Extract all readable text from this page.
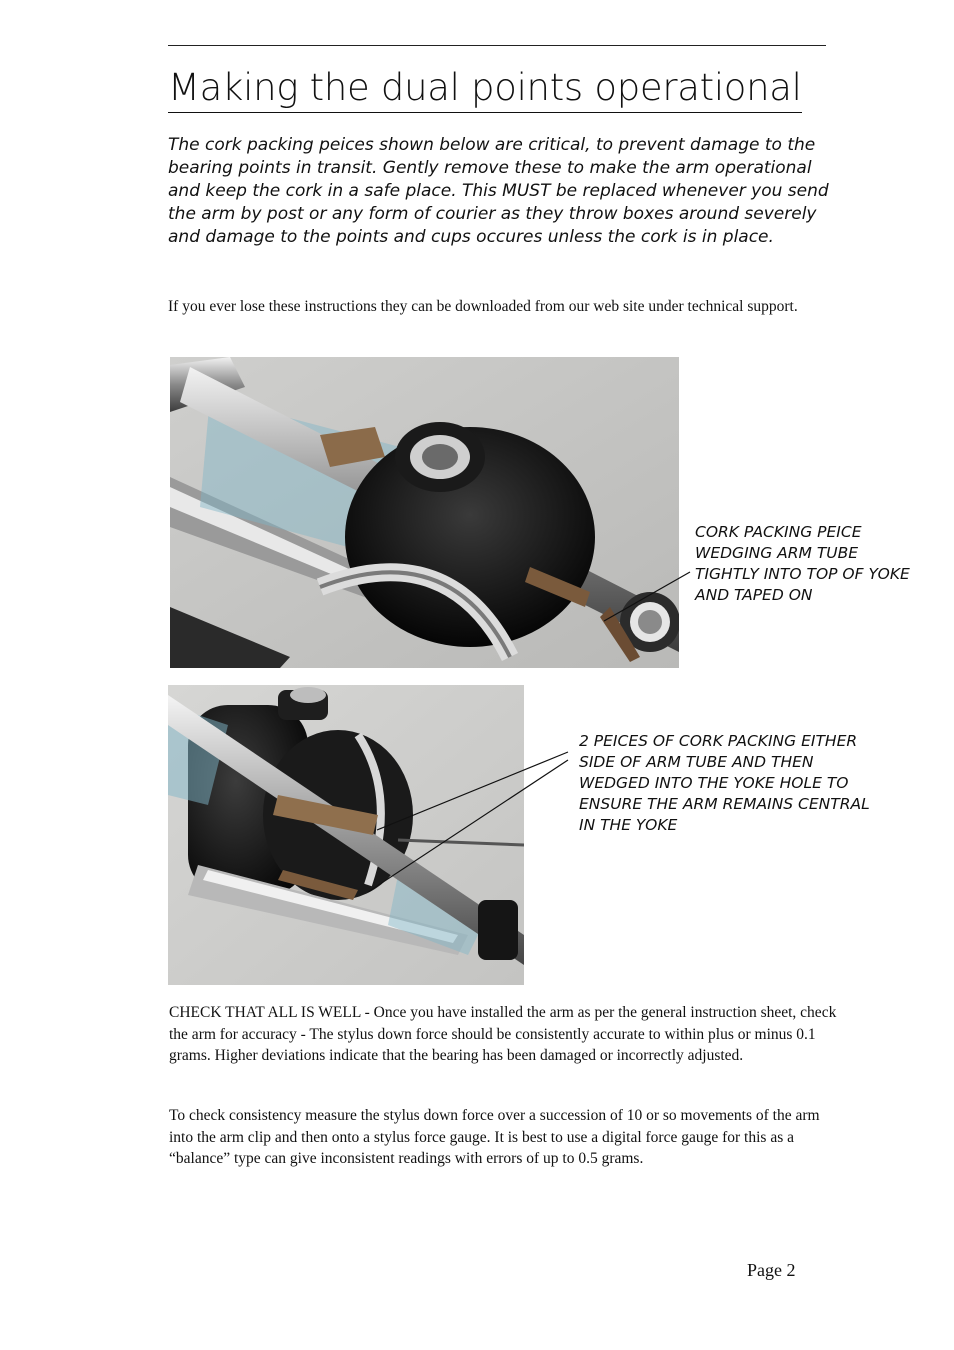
Making the dual points operational

The cork packing peices shown below are critical, to prevent damage to the bearing points in transit. Gently remove these to make the arm operational and keep the cork in a safe place. This MUST be replaced whenever you send the arm by post or any form of courier as they throw boxes around severely and damage to the points and cups occures unless the cork is in place.

If you ever lose these instructions they can be downloaded from our web site under technical support.

CORK PACKING PEICE
WEDGING ARM TUBE
TIGHTLY INTO TOP OF YOKE
AND TAPED ON
2 PEICES OF CORK PACKING EITHER
SIDE OF ARM TUBE AND THEN
WEDGED INTO THE YOKE HOLE TO
ENSURE THE ARM REMAINS CENTRAL
IN THE YOKE

CHECK THAT ALL IS WELL - Once you have installed the arm as per the general instruction sheet, check the arm for accuracy - The stylus down force should be consistently accurate to within plus or minus 0.1 grams. Higher deviations indicate that the bearing has been damaged or incorrectly adjusted.

To check consistency measure the stylus down force over a succession of 10 or so movements of the arm into the arm clip and then onto a stylus force gauge. It is best to use a digital force gauge for this as a “balance” type can give inconsistent readings with errors of up to 0.5 grams.

Page 2
